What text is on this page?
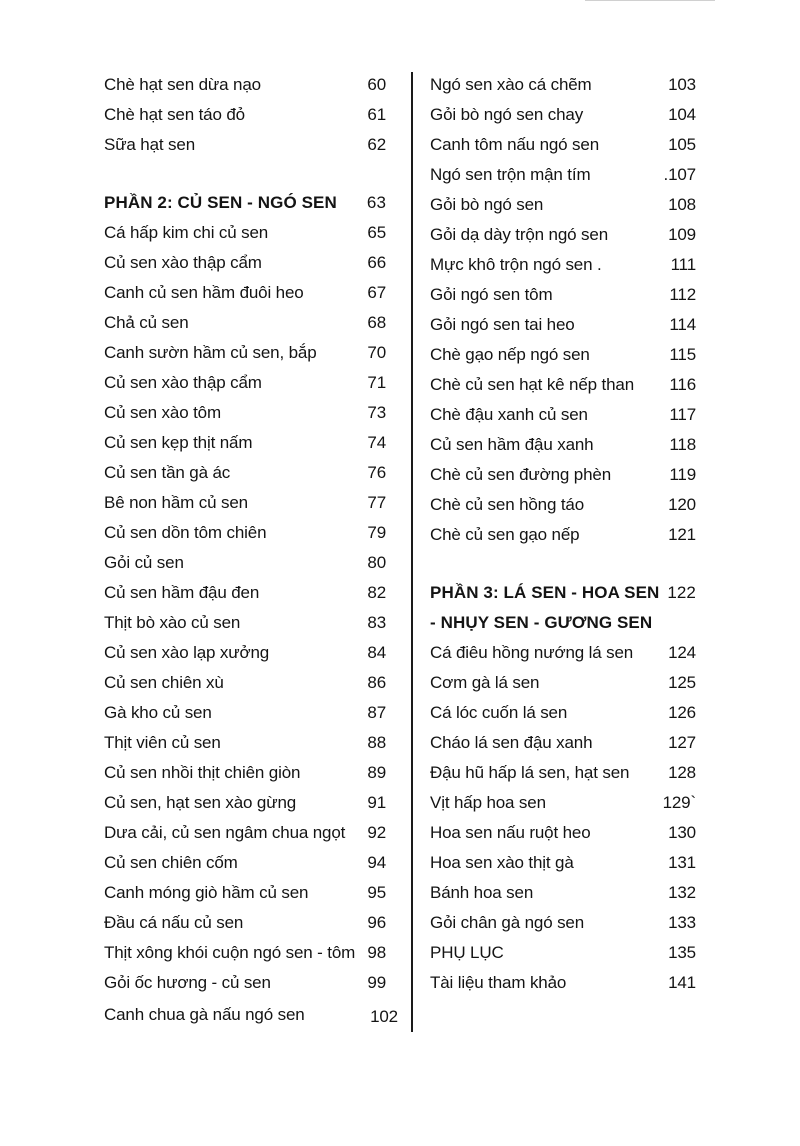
Chè hạt sen dừa nạo	60
Chè hạt sen táo đỏ	61
Sữa hạt sen	62
PHẦN 2: CỦ SEN - NGÓ SEN 63
Cá hấp kim chi củ sen	65
Củ sen xào thập cẩm	66
Canh củ sen hầm đuôi heo	67
Chả củ sen	68
Canh sườn hầm củ sen, bắp	70
Củ sen xào thập cẩm	71
Củ sen xào tôm	73
Củ sen kẹp thịt nấm	74
Củ sen tần gà ác	76
Bê non hầm củ sen	77
Củ sen dồn tôm chiên	79
Gỏi củ sen	80
Củ sen hầm đậu đen	82
Thịt bò xào củ sen	83
Củ sen xào lạp xưởng	84
Củ sen chiên xù	86
Gà kho củ sen	87
Thịt viên củ sen	88
Củ sen nhồi thịt chiên giòn	89
Củ sen, hạt sen xào gừng	91
Dưa cải, củ sen ngâm chua ngọt 92
Củ sen chiên cốm	94
Canh móng giò hầm củ sen	95
Đầu cá nấu củ sen	96
Thịt xông khói cuộn ngó sen - tôm 98
Gỏi ốc hương - củ sen	99
Canh chua gà nấu ngó sen	102
Ngó sen xào cá chẽm	103
Gỏi bò ngó sen chay	104
Canh tôm nấu ngó sen	105
Ngó sen trộn mận tím	.107
Gỏi bò ngó sen	108
Gỏi dạ dày trộn ngó sen	109
Mực khô trộn ngó sen .	111
Gỏi ngó sen tôm	112
Gỏi ngó sen tai heo	114
Chè gạo nếp ngó sen	115
Chè củ sen hạt kê nếp than 116
Chè đậu xanh củ sen	117
Củ sen hầm đậu xanh	118
Chè củ sen đường phèn	119
Chè củ sen hồng táo	120
Chè củ sen gạo nếp	121
PHẦN 3: LÁ SEN - HOA SEN 122
- NHỤY SEN - GƯƠNG SEN
Cá điêu hồng nướng lá sen 124
Cơm gà lá sen	125
Cá lóc cuốn lá sen	126
Cháo lá sen đậu xanh	127
Đậu hũ hấp lá sen, hạt sen 128
Vịt hấp hoa sen	129`
Hoa sen nấu ruột heo	130
Hoa sen xào thịt gà	131
Bánh hoa sen	132
Gỏi chân gà ngó sen	133
PHỤ LỤC	135
Tài liệu tham khảo	141
